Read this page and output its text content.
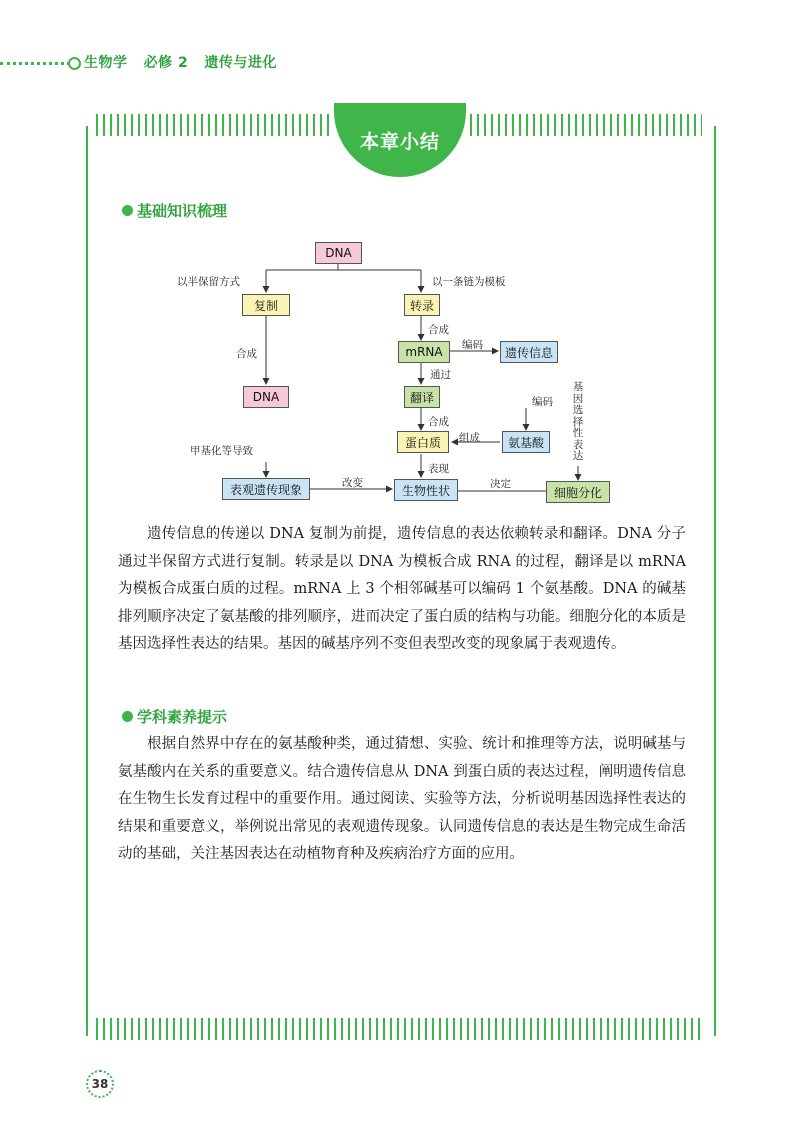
生物学   必修 2   遗传与进化
本章小结
基础知识梳理
DNA
复制	转录
mRNA	遗传信息
DNA	翻译
氨基酸
蛋白质
表观遗传现象	生物性状	细胞分化
以半保留方式	以一条链为模板
合成
合成
编码
通过
编码
合成
组成
甲基化等导致
表现
改变	决定
基因选择性表达

遗传信息的传递以 DNA 复制为前提，遗传信息的表达依赖转录和翻译。DNA 分子通过半保留方式进行复制。转录是以 DNA 为模板合成 RNA 的过程，翻译是以 mRNA 为模板合成蛋白质的过程。mRNA 上 3 个相邻碱基可以编码 1 个氨基酸。DNA 的碱基排列顺序决定了氨基酸的排列顺序，进而决定了蛋白质的结构与功能。细胞分化的本质是基因选择性表达的结果。基因的碱基序列不变但表型改变的现象属于表观遗传。

学科素养提示

根据自然界中存在的氨基酸种类，通过猜想、实验、统计和推理等方法，说明碱基与氨基酸内在关系的重要意义。结合遗传信息从 DNA 到蛋白质的表达过程，阐明遗传信息在生物生长发育过程中的重要作用。通过阅读、实验等方法，分析说明基因选择性表达的结果和重要意义，举例说出常见的表观遗传现象。认同遗传信息的表达是生物完成生命活动的基础，关注基因表达在动植物育种及疾病治疗方面的应用。

38
